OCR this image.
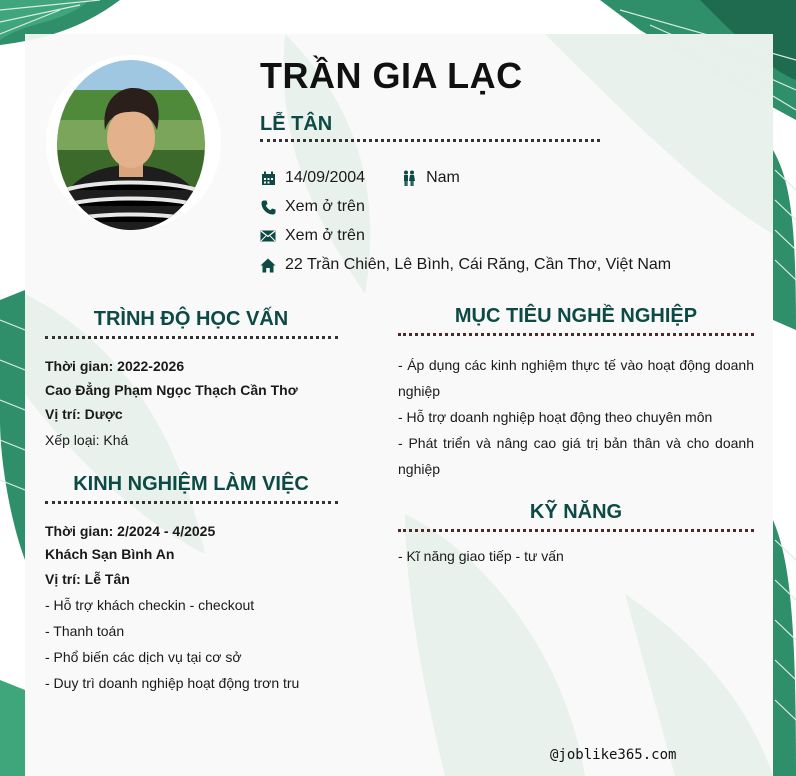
TRẦN GIA LẠC
LỄ TÂN
14/09/2004	Nam
Xem ở trên
Xem ở trên
22 Trần Chiên, Lê Bình, Cái Răng, Cần Thơ, Việt Nam
TRÌNH ĐỘ HỌC VẤN
Thời gian: 2022-2026
Cao Đẳng Phạm Ngọc Thạch Cần Thơ
Vị trí: Dược
Xếp loại: Khá
KINH NGHIỆM LÀM VIỆC
Thời gian: 2/2024 - 4/2025
Khách Sạn Bình An
Vị trí: Lễ Tân
- Hỗ trợ khách checkin - checkout
- Thanh toán
- Phổ biến các dịch vụ tại cơ sở
- Duy trì doanh nghiệp hoạt động trơn tru
MỤC TIÊU NGHỀ NGHIỆP
- Áp dụng các kinh nghiệm thực tế vào hoạt động doanh nghiệp
- Hỗ trợ doanh nghiệp hoạt động theo chuyên môn
- Phát triển và nâng cao giá trị bản thân và cho doanh nghiệp
KỸ NĂNG
- Kĩ năng giao tiếp - tư vấn
@joblike365.com
